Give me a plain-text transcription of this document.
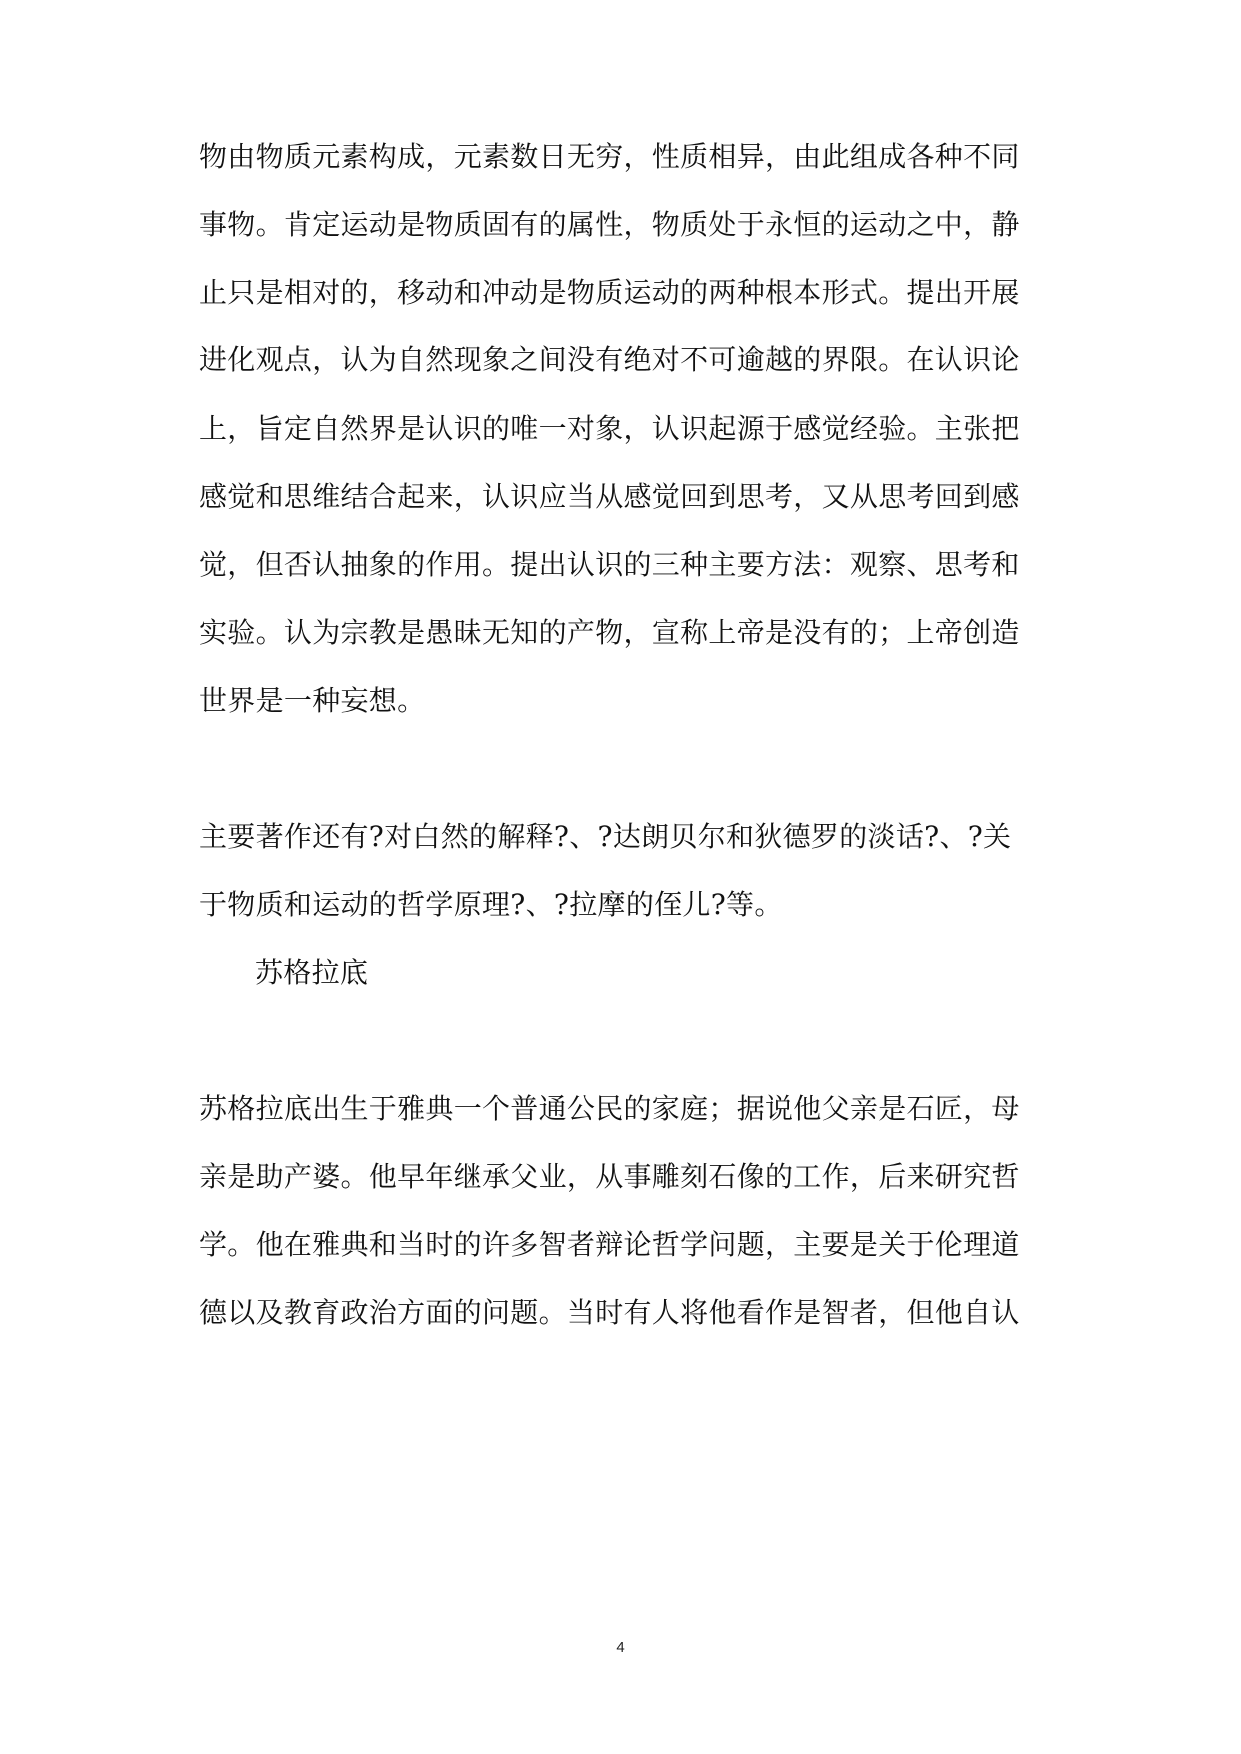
物由物质元素构成，元素数日无穷，性质相异，由此组成各种不同
事物。肯定运动是物质固有的属性，物质处于永恒的运动之中，静
止只是相对的，移动和冲动是物质运动的两种根本形式。提出开展
进化观点，认为自然现象之间没有绝对不可逾越的界限。在认识论
上，旨定自然界是认识的唯一对象，认识起源于感觉经验。主张把
感觉和思维结合起来，认识应当从感觉回到思考，又从思考回到感
觉，但否认抽象的作用。提出认识的三种主要方法：观察、思考和
实验。认为宗教是愚昧无知的产物，宣称上帝是没有的；上帝创造
世界是一种妄想。
主要著作还有?对白然的解释?、?达朗贝尔和狄德罗的淡话?、?关
于物质和运动的哲学原理?、?拉摩的侄儿?等。
苏格拉底
苏格拉底出生于雅典一个普通公民的家庭；据说他父亲是石匠，母
亲是助产婆。他早年继承父业，从事雕刻石像的工作，后来研究哲
学。他在雅典和当时的许多智者辩论哲学问题，主要是关于伦理道
德以及教育政治方面的问题。当时有人将他看作是智者，但他自认
4
